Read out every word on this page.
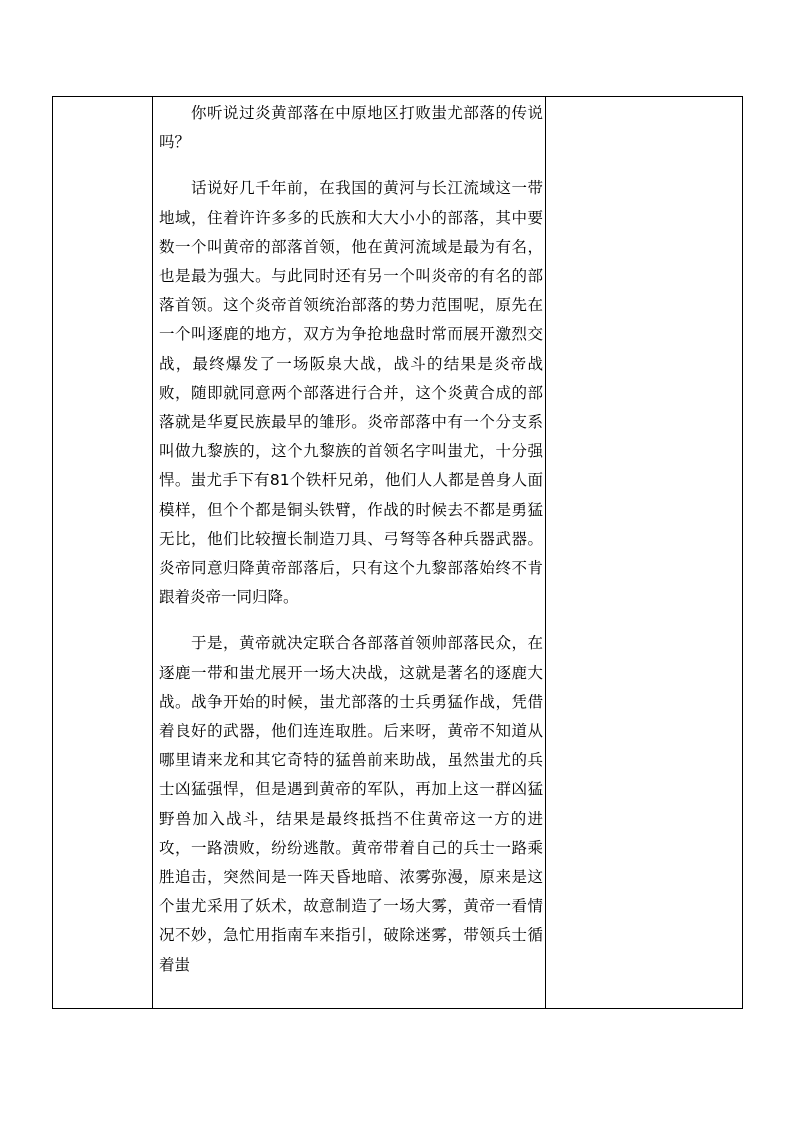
你听说过炎黄部落在中原地区打败蚩尤部落的传说吗？

话说好几千年前，在我国的黄河与长江流域这一带地域，住着许许多多的氏族和大大小小的部落，其中要数一个叫黄帝的部落首领，他在黄河流域是最为有名，也是最为强大。与此同时还有另一个叫炎帝的有名的部落首领。这个炎帝首领统治部落的势力范围呢，原先在一个叫逐鹿的地方，双方为争抢地盘时常而展开激烈交战，最终爆发了一场阪泉大战，战斗的结果是炎帝战败，随即就同意两个部落进行合并，这个炎黄合成的部落就是华夏民族最早的雏形。炎帝部落中有一个分支系叫做九黎族的，这个九黎族的首领名字叫蚩尤，十分强悍。蚩尤手下有81个铁杆兄弟，他们人人都是兽身人面模样，但个个都是铜头铁臂，作战的时候去不都是勇猛无比，他们比较擅长制造刀具、弓弩等各种兵器武器。炎帝同意归降黄帝部落后，只有这个九黎部落始终不肯跟着炎帝一同归降。

于是，黄帝就决定联合各部落首领帅部落民众，在逐鹿一带和蚩尤展开一场大决战，这就是著名的逐鹿大战。战争开始的时候，蚩尤部落的士兵勇猛作战，凭借着良好的武器，他们连连取胜。后来呀，黄帝不知道从哪里请来龙和其它奇特的猛兽前来助战，虽然蚩尤的兵士凶猛强悍，但是遇到黄帝的军队，再加上这一群凶猛野兽加入战斗，结果是最终抵挡不住黄帝这一方的进攻，一路溃败，纷纷逃散。黄帝带着自己的兵士一路乘胜追击，突然间是一阵天昏地暗、浓雾弥漫，原来是这个蚩尤采用了妖术，故意制造了一场大雾，黄帝一看情况不妙，急忙用指南车来指引，破除迷雾，带领兵士循着蚩
